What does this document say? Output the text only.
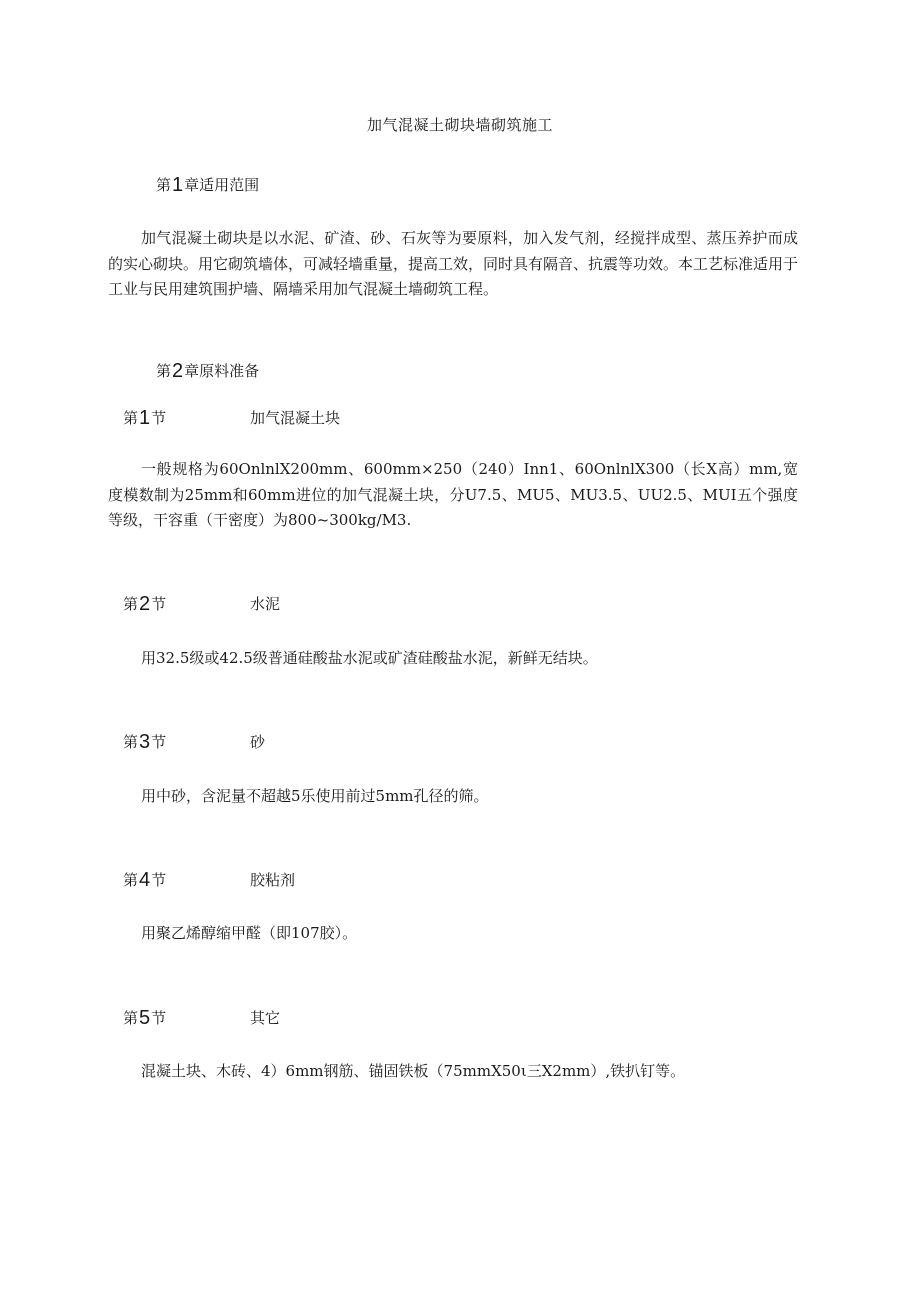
加气混凝土砌块墙砌筑施工
第1章适用范围
加气混凝土砌块是以水泥、矿渣、砂、石灰等为要原料，加入发气剂，经搅拌成型、蒸压养护而成的实心砌块。用它砌筑墙体，可减轻墙重量，提高工效，同时具有隔音、抗震等功效。本工艺标准适用于工业与民用建筑围护墙、隔墙采用加气混凝土墙砌筑工程。
第2章原料准备
第1节	加气混凝土块
一般规格为60OnlnlX200mm、600mm×250（240）Inn1、60OnlnlX300（长X高）mm,宽度模数制为25mm和60mm进位的加气混凝土块，分U7.5、MU5、MU3.5、UU2.5、MUI五个强度等级，干容重（干密度）为800~300kg∕M3.
第2节	水泥
用32.5级或42.5级普通硅酸盐水泥或矿渣硅酸盐水泥，新鲜无结块。
第3节	砂
用中砂，含泥量不超越5乐使用前过5mm孔径的筛。
第4节	胶粘剂
用聚乙烯醇缩甲醛（即107胶）。
第5节	其它
混凝土块、木砖、4）6mm钢筋、锚固铁板（75mmX50ι三X2mm）,铁扒钉等。
